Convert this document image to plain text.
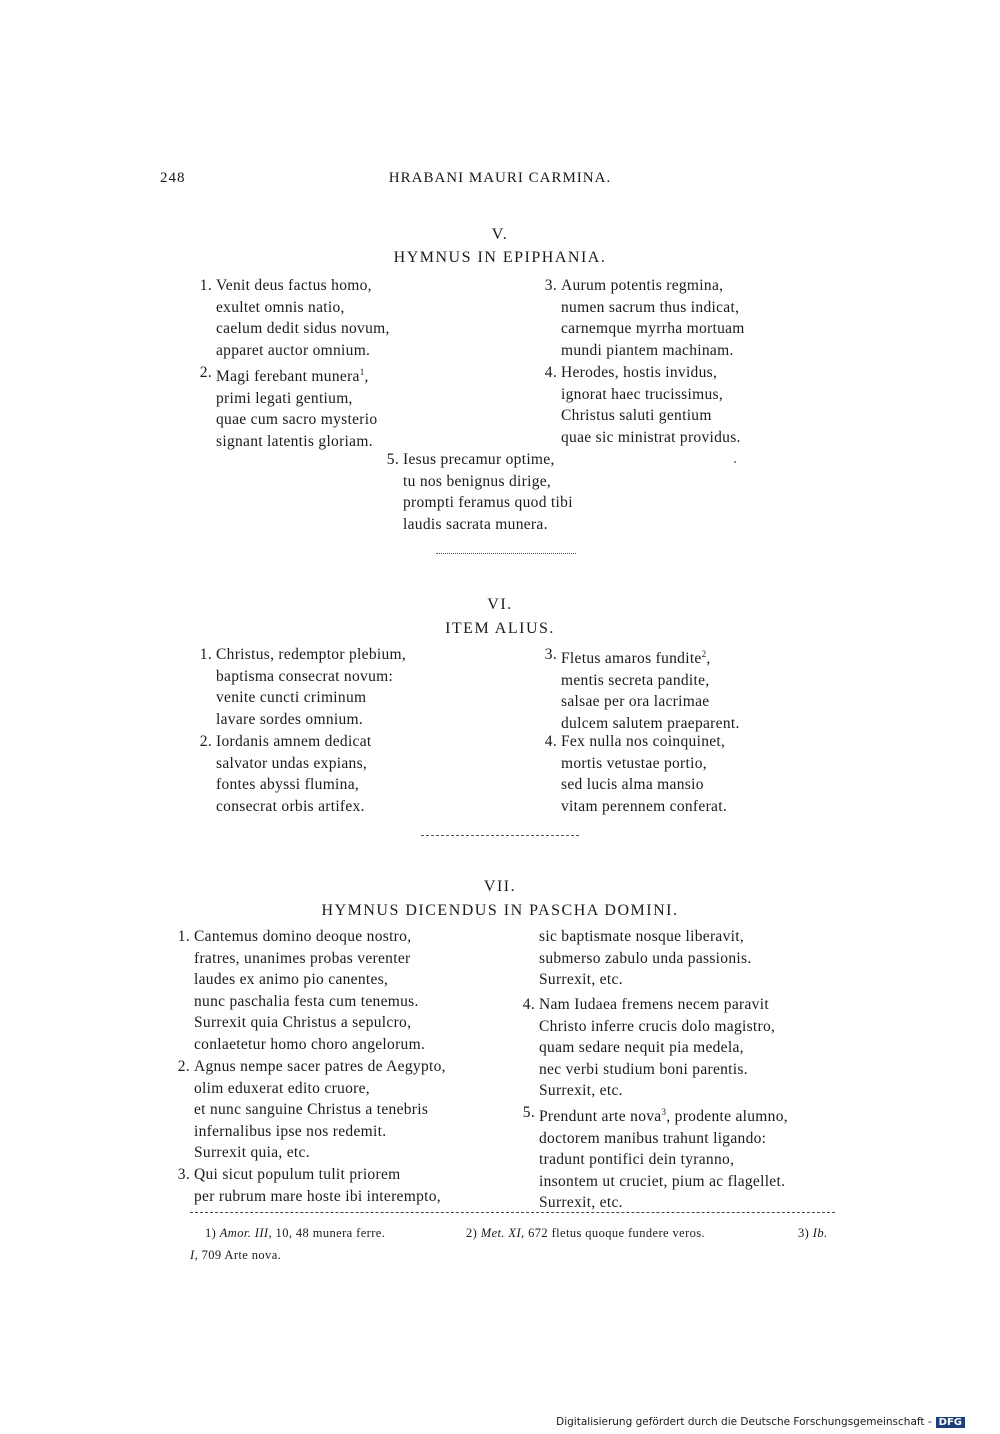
248	HRABANI MAURI CARMINA.
V.
HYMNUS IN EPIPHANIA.
1. Venit deus factus homo,
exultet omnis natio,
caelum dedit sidus novum,
apparet auctor omnium.
2. Magi ferebant munera$^1$,
primi legati gentium,
quae cum sacro mysterio
signant latentis gloriam.
3. Aurum potentis regmina,
numen sacrum thus indicat,
carnemque myrrha mortuam
mundi piantem machinam.
4. Herodes, hostis invidus,
ignorat haec trucissimus,
Christus saluti gentium
quae sic ministrat providus.
5. Iesus precamur optime,
tu nos benignus dirige,
prompti feramus quod tibi
laudis sacrata munera.
VI.
ITEM ALIUS.
1. Christus, redemptor plebium,
baptisma consecrat novum:
venite cuncti criminum
lavare sordes omnium.
2. Iordanis amnem dedicat
salvator undas expians,
fontes abyssi flumina,
consecrat orbis artifex.
3. Fletus amaros fundite$^2$,
mentis secreta pandite,
salsae per ora lacrimae
dulcem salutem praeparent.
4. Fex nulla nos coinquinet,
mortis vetustae portio,
sed lucis alma mansio
vitam perennem conferat.
VII.
HYMNUS DICENDUS IN PASCHA DOMINI.
1. Cantemus domino deoque nostro,
fratres, unanimes probas verenter
laudes ex animo pio canentes,
nunc paschalia festa cum tenemus.
Surrexit quia Christus a sepulcro,
conlaetetur homo choro angelorum.
2. Agnus nempe sacer patres de Aegypto,
olim eduxerat edito cruore,
et nunc sanguine Christus a tenebris
infernalibus ipse nos redemit.
Surrexit quia, etc.
3. Qui sicut populum tulit priorem
per rubrum mare hoste ibi interempto,
sic baptismate nosque liberavit,
submerso zabulo unda passionis.
Surrexit, etc.
4. Nam Iudaea fremens necem paravit
Christo inferre crucis dolo magistro,
quam sedare nequit pia medela,
nec verbi studium boni parentis.
Surrexit, etc.
5. Prendunt arte nova$^3$, prodente alumno,
doctorem manibus trahunt ligando:
tradunt pontifici dein tyranno,
insontem ut cruciet, pium ac flagellet.
Surrexit, etc.
1) Amor. III, 10, 48 munera ferre.	2) Met. XI, 672 fletus quoque fundere veros.	3) Ib.
I, 709 Arte nova.
Digitalisierung gefördert durch die Deutsche Forschungsgemeinschaft - DFG
